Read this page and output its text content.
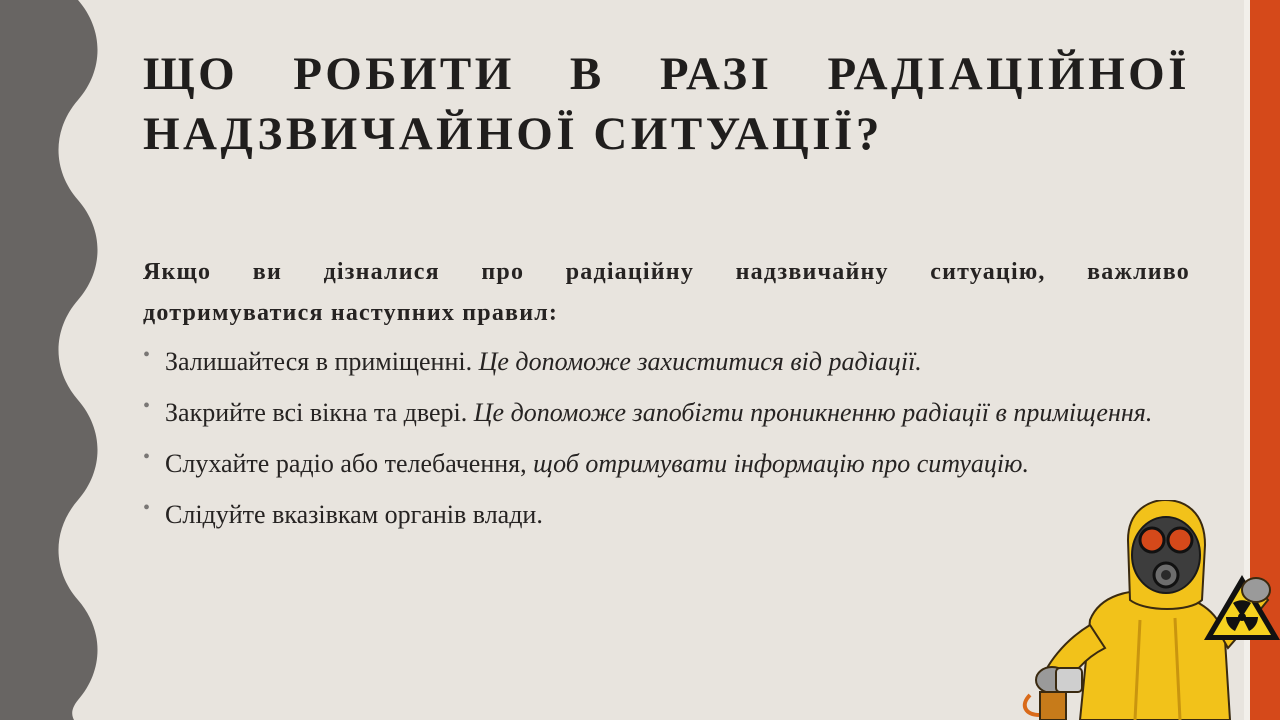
ЩО РОБИТИ В РАЗІ РАДІАЦІЙНОЇ
НАДЗВИЧАЙНОЇ СИТУАЦІЇ?

Якщо ви дізналися про радіаційну надзвичайну ситуацію, важливо
дотримуватися наступних правил:

• Залишайтеся в приміщенні. Це допоможе захиститися від радіації.
• Закрийте всі вікна та двері. Це допоможе запобігти проникненню радіації в приміщення.
• Слухайте радіо або телебачення, щоб отримувати інформацію про ситуацію.
• Слідуйте вказівкам органів влади.
